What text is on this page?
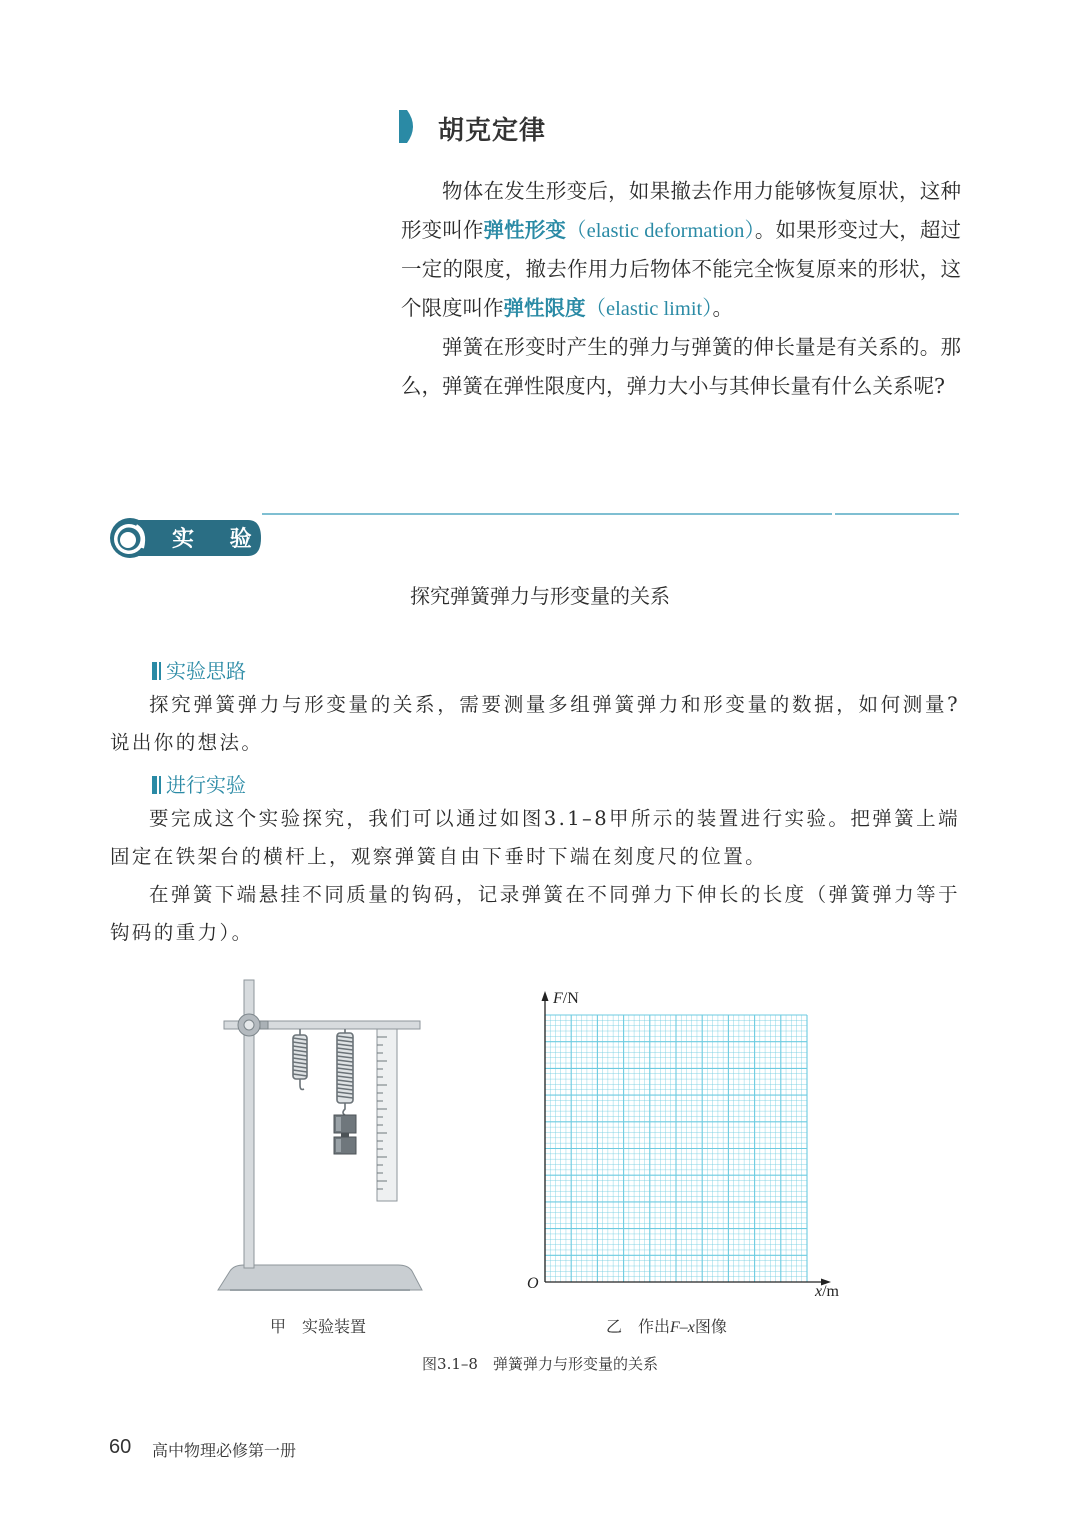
胡克定律

物体在发生形变后，如果撤去作用力能够恢复原状，这种形变叫作弹性形变（elastic deformation）。如果形变过大，超过一定的限度，撤去作用力后物体不能完全恢复原来的形状，这个限度叫作弹性限度（elastic limit）。

弹簧在形变时产生的弹力与弹簧的伸长量是有关系的。那么，弹簧在弹性限度内，弹力大小与其伸长量有什么关系呢?

实 验
探究弹簧弹力与形变量的关系
实验思路

探究弹簧弹力与形变量的关系，需要测量多组弹簧弹力和形变量的数据，如何测量?说出你的想法。

进行实验

要完成这个实验探究，我们可以通过如图3.1–8甲所示的装置进行实验。把弹簧上端固定在铁架台的横杆上，观察弹簧自由下垂时下端在刻度尺的位置。

在弹簧下端悬挂不同质量的钩码，记录弹簧在不同弹力下伸长的长度（弹簧弹力等于钩码的重力）。

F/N
O	x/m
甲　实验装置	乙　作出F–x图像
图3.1–8　弹簧弹力与形变量的关系
60 高中物理必修第一册
